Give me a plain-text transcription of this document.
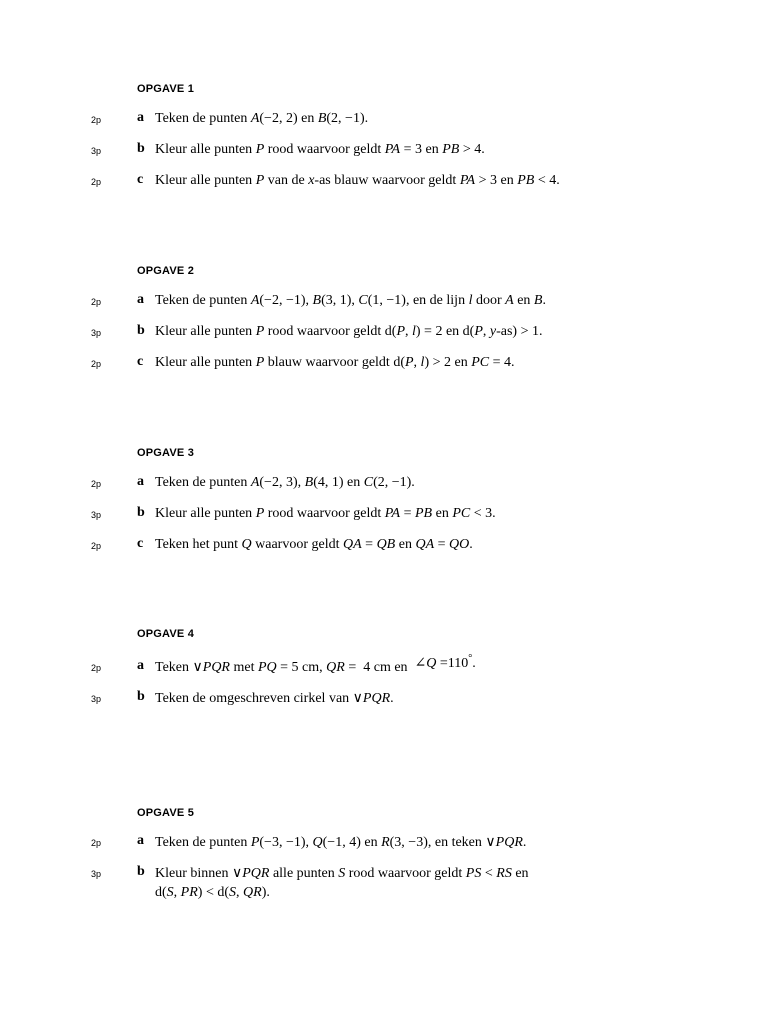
OPGAVE 1
2p	a Teken de punten A(−2, 2) en B(2, −1).
3p	b Kleur alle punten P rood waarvoor geldt PA = 3 en PB > 4.
2p	c Kleur alle punten P van de x-as blauw waarvoor geldt PA > 3 en PB < 4.
OPGAVE 2
2p	a Teken de punten A(−2, −1), B(3, 1), C(1, −1), en de lijn l door A en B.
3p	b Kleur alle punten P rood waarvoor geldt d(P, l) = 2 en d(P, y-as) > 1.
2p	c Kleur alle punten P blauw waarvoor geldt d(P, l) > 2 en PC = 4.
OPGAVE 3
2p	a Teken de punten A(−2, 3), B(4, 1) en C(2, −1).
3p	b Kleur alle punten P rood waarvoor geldt PA = PB en PC < 3.
2p	c Teken het punt Q waarvoor geldt QA = QB en QA = QO.
OPGAVE 4
2p	a Teken ∨PQR met PQ = 5 cm, QR =  4 cm en  ∠Q =110°.
3p	b Teken de omgeschreven cirkel van ∨PQR.
OPGAVE 5
2p	a Teken de punten P(−3, −1), Q(−1, 4) en R(3, −3), en teken ∨PQR.
3p	b Kleur binnen ∨PQR alle punten S rood waarvoor geldt PS < RS en
d(S, PR) < d(S, QR).
